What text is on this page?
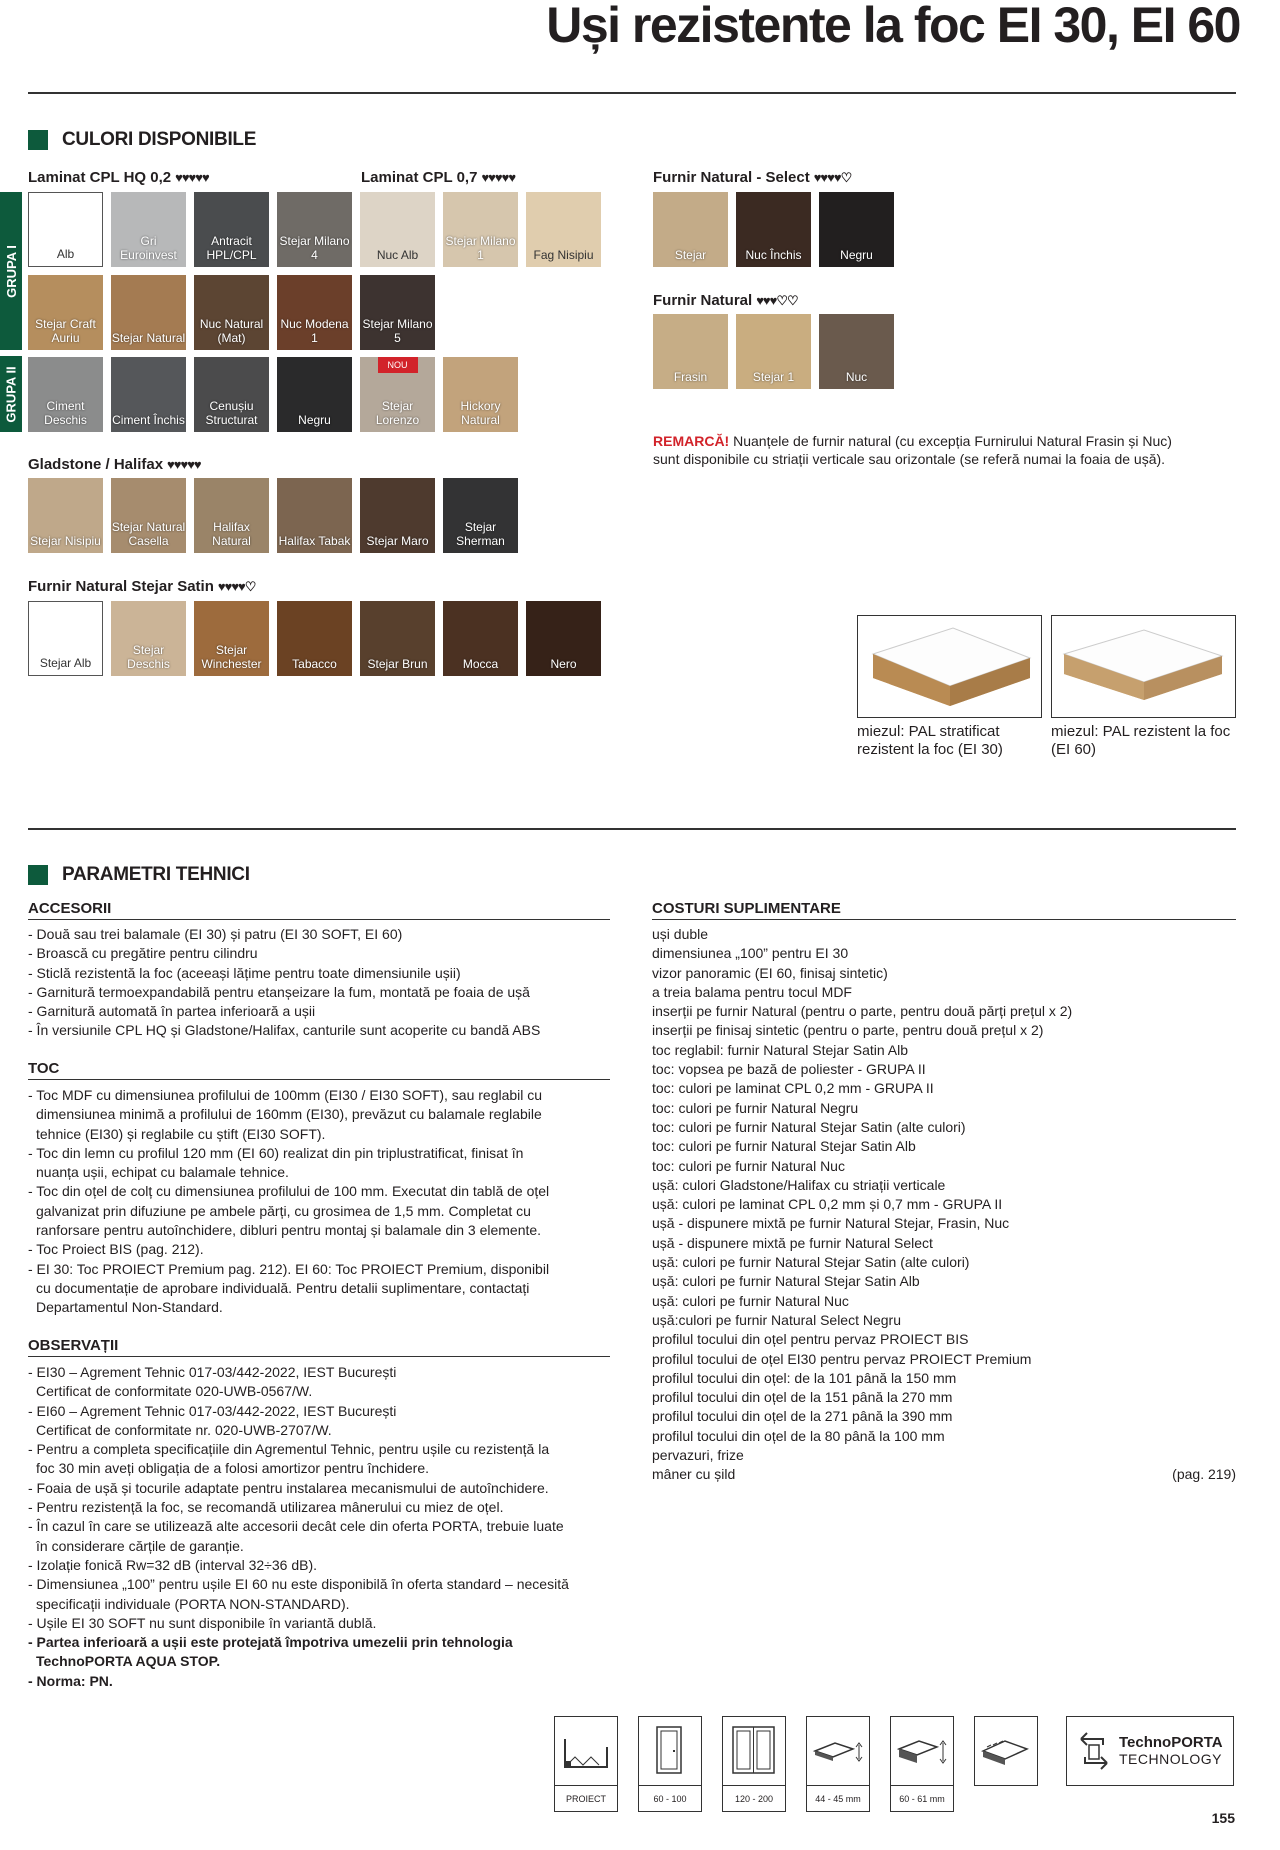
Uși rezistente la foc EI 30, EI 60
CULORI DISPONIBILE
Laminat CPL HQ 0,2 ♥♥♥♥♥	Laminat CPL 0,7 ♥♥♥♥♥	Furnir Natural - Select ♥♥♥♥♡
GRUPA I
GRUPA II
Alb
Gri Euroinvest
Antracit HPL/CPL
Stejar Milano 4	Nuc Alb
Stejar Milano 1	Fag Nisipiu
Stejar Craft Auriu	Stejar Natural
Nuc Natural (Mat)
Nuc Modena 1
Stejar Milano 5
Ciment Deschis	Ciment Închis
Cenușiu Structurat	Negru
Stejar Lorenzo
NOU
Hickory Natural
Stejar	Nuc Închis	Negru
Furnir Natural ♥♥♥♡♡
Frasin	Stejar 1	Nuc
REMARCĂ! Nuanțele de furnir natural (cu excepția Furnirului Natural Frasin și Nuc) sunt disponibile cu striații verticale sau orizontale (se referă numai la foaia de ușă).
Gladstone / Halifax ♥♥♥♥♥
Stejar Nisipiu
Stejar Natural Casella
Halifax Natural	Halifax Tabak Stejar Maro
Stejar Sherman
Furnir Natural Stejar Satin ♥♥♥♥♡
Stejar Alb
Stejar Deschis
Stejar Winchester	Tabacco	Stejar Brun	Mocca	Nero
miezul: PAL stratificat rezistent la foc (EI 30)
miezul: PAL rezistent la foc (EI 60)
PARAMETRI TEHNICI
ACCESORII
- Două sau trei balamale (EI 30) și patru (EI 30 SOFT, EI 60)
- Broască cu pregătire pentru cilindru
- Sticlă rezistentă la foc (aceeași lățime pentru toate dimensiunile ușii)
- Garnitură termoexpandabilă pentru etanșeizare la fum, montată pe foaia de ușă
- Garnitură automată în partea inferioară a ușii
- În versiunile CPL HQ și Gladstone/Halifax, canturile sunt acoperite cu bandă ABS
TOC
- Toc MDF cu dimensiunea profilului de 100mm (EI30 / EI30 SOFT), sau reglabil cu
dimensiunea minimă a profilului de 160mm (EI30), prevăzut cu balamale reglabile
tehnice (EI30) și reglabile cu știft (EI30 SOFT).
- Toc din lemn cu profilul 120 mm (EI 60) realizat din pin triplustratificat, finisat în
nuanța ușii, echipat cu balamale tehnice.
- Toc din oțel de colț cu dimensiunea profilului de 100 mm. Executat din tablă de oțel
galvanizat prin difuziune pe ambele părți, cu grosimea de 1,5 mm. Completat cu
ranforsare pentru autoînchidere, dibluri pentru montaj și balamale din 3 elemente.
- Toc Proiect BIS (pag. 212).
- EI 30: Toc PROIECT Premium pag. 212). EI 60: Toc PROIECT Premium, disponibil
cu documentație de aprobare individuală. Pentru detalii suplimentare, contactați
Departamentul Non-Standard.
OBSERVAȚII
- EI30 – Agrement Tehnic 017-03/442-2022, IEST București
Certificat de conformitate 020-UWB-0567/W.
- EI60 – Agrement Tehnic 017-03/442-2022, IEST București
Certificat de conformitate nr. 020-UWB-2707/W.
- Pentru a completa specificațiile din Agrementul Tehnic, pentru ușile cu rezistență la
foc 30 min aveți obligația de a folosi amortizor pentru închidere.
- Foaia de ușă și tocurile adaptate pentru instalarea mecanismului de autoînchidere.
- Pentru rezistență la foc, se recomandă utilizarea mânerului cu miez de oțel.
- În cazul în care se utilizează alte accesorii decât cele din oferta PORTA, trebuie luate
în considerare cărțile de garanție.
- Izolație fonică Rw=32 dB (interval 32÷36 dB).
- Dimensiunea „100” pentru ușile EI 60 nu este disponibilă în oferta standard – necesită
specificații individuale (PORTA NON-STANDARD).
- Ușile EI 30 SOFT nu sunt disponibile în variantă dublă.
- Partea inferioară a ușii este protejată împotriva umezelii prin tehnologia
TechnoPORTA AQUA STOP.
- Norma: PN.
COSTURI SUPLIMENTARE
uși duble
dimensiunea „100” pentru EI 30
vizor panoramic (EI 60, finisaj sintetic)
a treia balama pentru tocul MDF
inserții pe furnir Natural (pentru o parte, pentru două părți prețul x 2)
inserții pe finisaj sintetic (pentru o parte, pentru două prețul x 2)
toc reglabil: furnir Natural Stejar Satin Alb
toc: vopsea pe bază de poliester - GRUPA II
toc: culori pe laminat CPL 0,2 mm - GRUPA II
toc: culori pe furnir Natural Negru
toc: culori pe furnir Natural Stejar Satin (alte culori)
toc: culori pe furnir Natural Stejar Satin Alb
toc: culori pe furnir Natural Nuc
ușă: culori Gladstone/Halifax cu striații verticale
ușă: culori pe laminat CPL 0,2 mm și 0,7 mm - GRUPA II
ușă - dispunere mixtă pe furnir Natural Stejar, Frasin, Nuc
ușă - dispunere mixtă pe furnir Natural Select
ușă: culori pe furnir Natural Stejar Satin (alte culori)
ușă: culori pe furnir Natural Stejar Satin Alb
ușă: culori pe furnir Natural Nuc
ușă:culori pe furnir Natural Select Negru
profilul tocului din oțel pentru pervaz PROIECT BIS
profilul tocului de oțel EI30 pentru pervaz PROIECT Premium
profilul tocului din oțel: de la 101 până la 150 mm
profilul tocului din oțel de la 151 până la 270 mm
profilul tocului din oțel de la 271 până la 390 mm
profilul tocului din oțel de la 80 până la 100 mm
pervazuri, frize
mâner cu șild	(pag. 219)
PROIECT	60 - 100	120 - 200	44 - 45 mm	60 - 61 mm
TechnoPORTA
TECHNOLOGY
155
